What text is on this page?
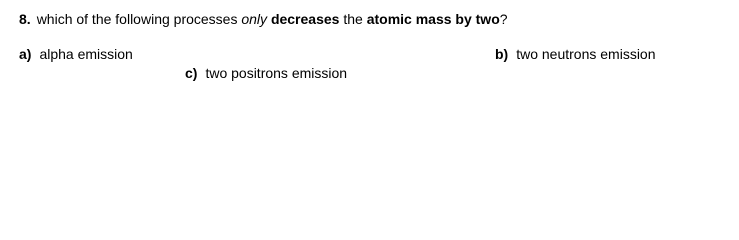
8. which of the following processes only decreases the atomic mass by two?
a) alpha emission	b) two neutrons emission
c) two positrons emission
